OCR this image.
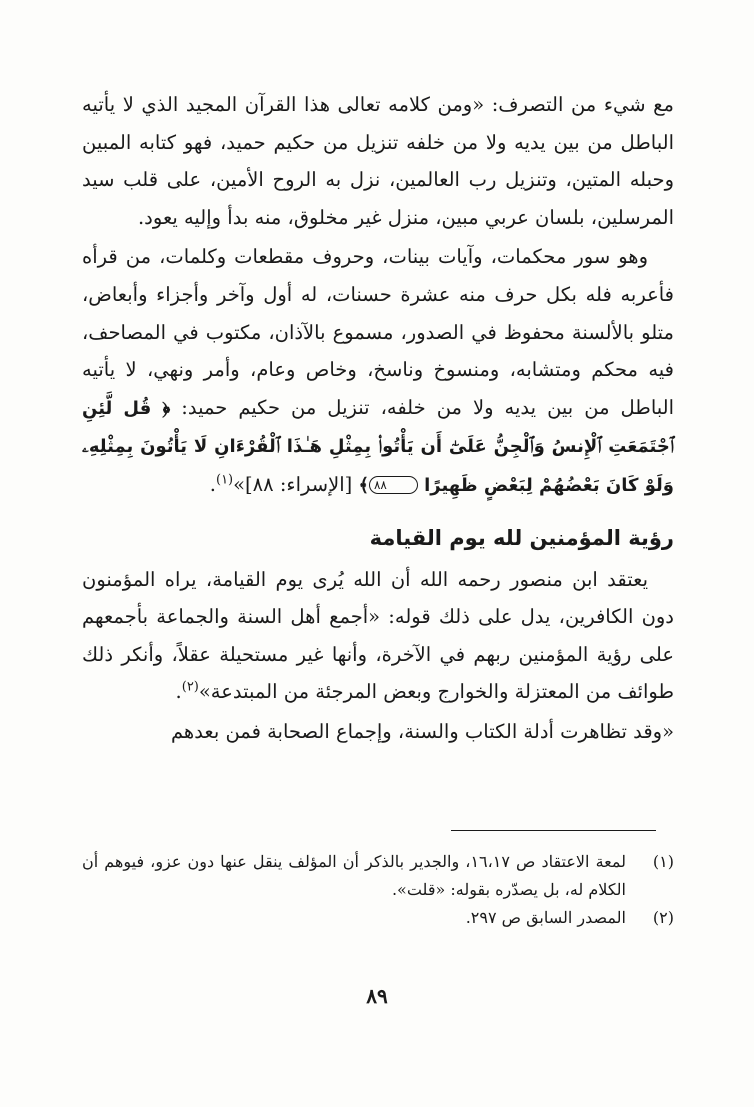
مع شيء من التصرف: «ومن كلامه تعالى هذا القرآن المجيد الذي لا يأتيه الباطل من بين يديه ولا من خلفه تنزيل من حكيم حميد، فهو كتابه المبين وحبله المتين، وتنزيل رب العالمين، نزل به الروح الأمين، على قلب سيد المرسلين، بلسان عربي مبين، منزل غير مخلوق، منه بدأ وإليه يعود.

وهو سور محكمات، وآيات بينات، وحروف مقطعات وكلمات، من قرأه فأعربه فله بكل حرف منه عشرة حسنات، له أول وآخر وأجزاء وأبعاض، متلو بالألسنة محفوظ في الصدور، مسموع بالآذان، مكتوب في المصاحف، فيه محكم ومتشابه، ومنسوخ وناسخ، وخاص وعام، وأمر ونهي، لا يأتيه الباطل من بين يديه ولا من خلفه، تنزيل من حكيم حميد: ﴿ قُل لَّئِنِ ٱجْتَمَعَتِ ٱلْإِنسُ وَٱلْجِنُّ عَلَىٰٓ أَن يَأْتُوا۟ بِمِثْلِ هَـٰذَا ٱلْقُرْءَانِ لَا يَأْتُونَ بِمِثْلِهِۦ وَلَوْ كَانَ بَعْضُهُمْ لِبَعْضٍ ظَهِيرًا ٨٨﴾ [الإسراء: ٨٨]»$^{(١)}$.

رؤية المؤمنين لله يوم القيامة

يعتقد ابن منصور رحمه الله أن الله يُرى يوم القيامة، يراه المؤمنون دون الكافرين، يدل على ذلك قوله: «أجمع أهل السنة والجماعة بأجمعهم على رؤية المؤمنين ربهم في الآخرة، وأنها غير مستحيلة عقلاً، وأنكر ذلك طوائف من المعتزلة والخوارج وبعض المرجئة من المبتدعة»$^{(٢)}$.

«وقد تظاهرت أدلة الكتاب والسنة، وإجماع الصحابة فمن بعدهم

(١)
لمعة الاعتقاد ص ١٦،١٧، والجدير بالذكر أن المؤلف ينقل عنها دون عزو، فيوهم أن الكلام له، بل يصدّره بقوله: «قلت».

(٢)
المصدر السابق ص ٢٩٧.

٨٩
